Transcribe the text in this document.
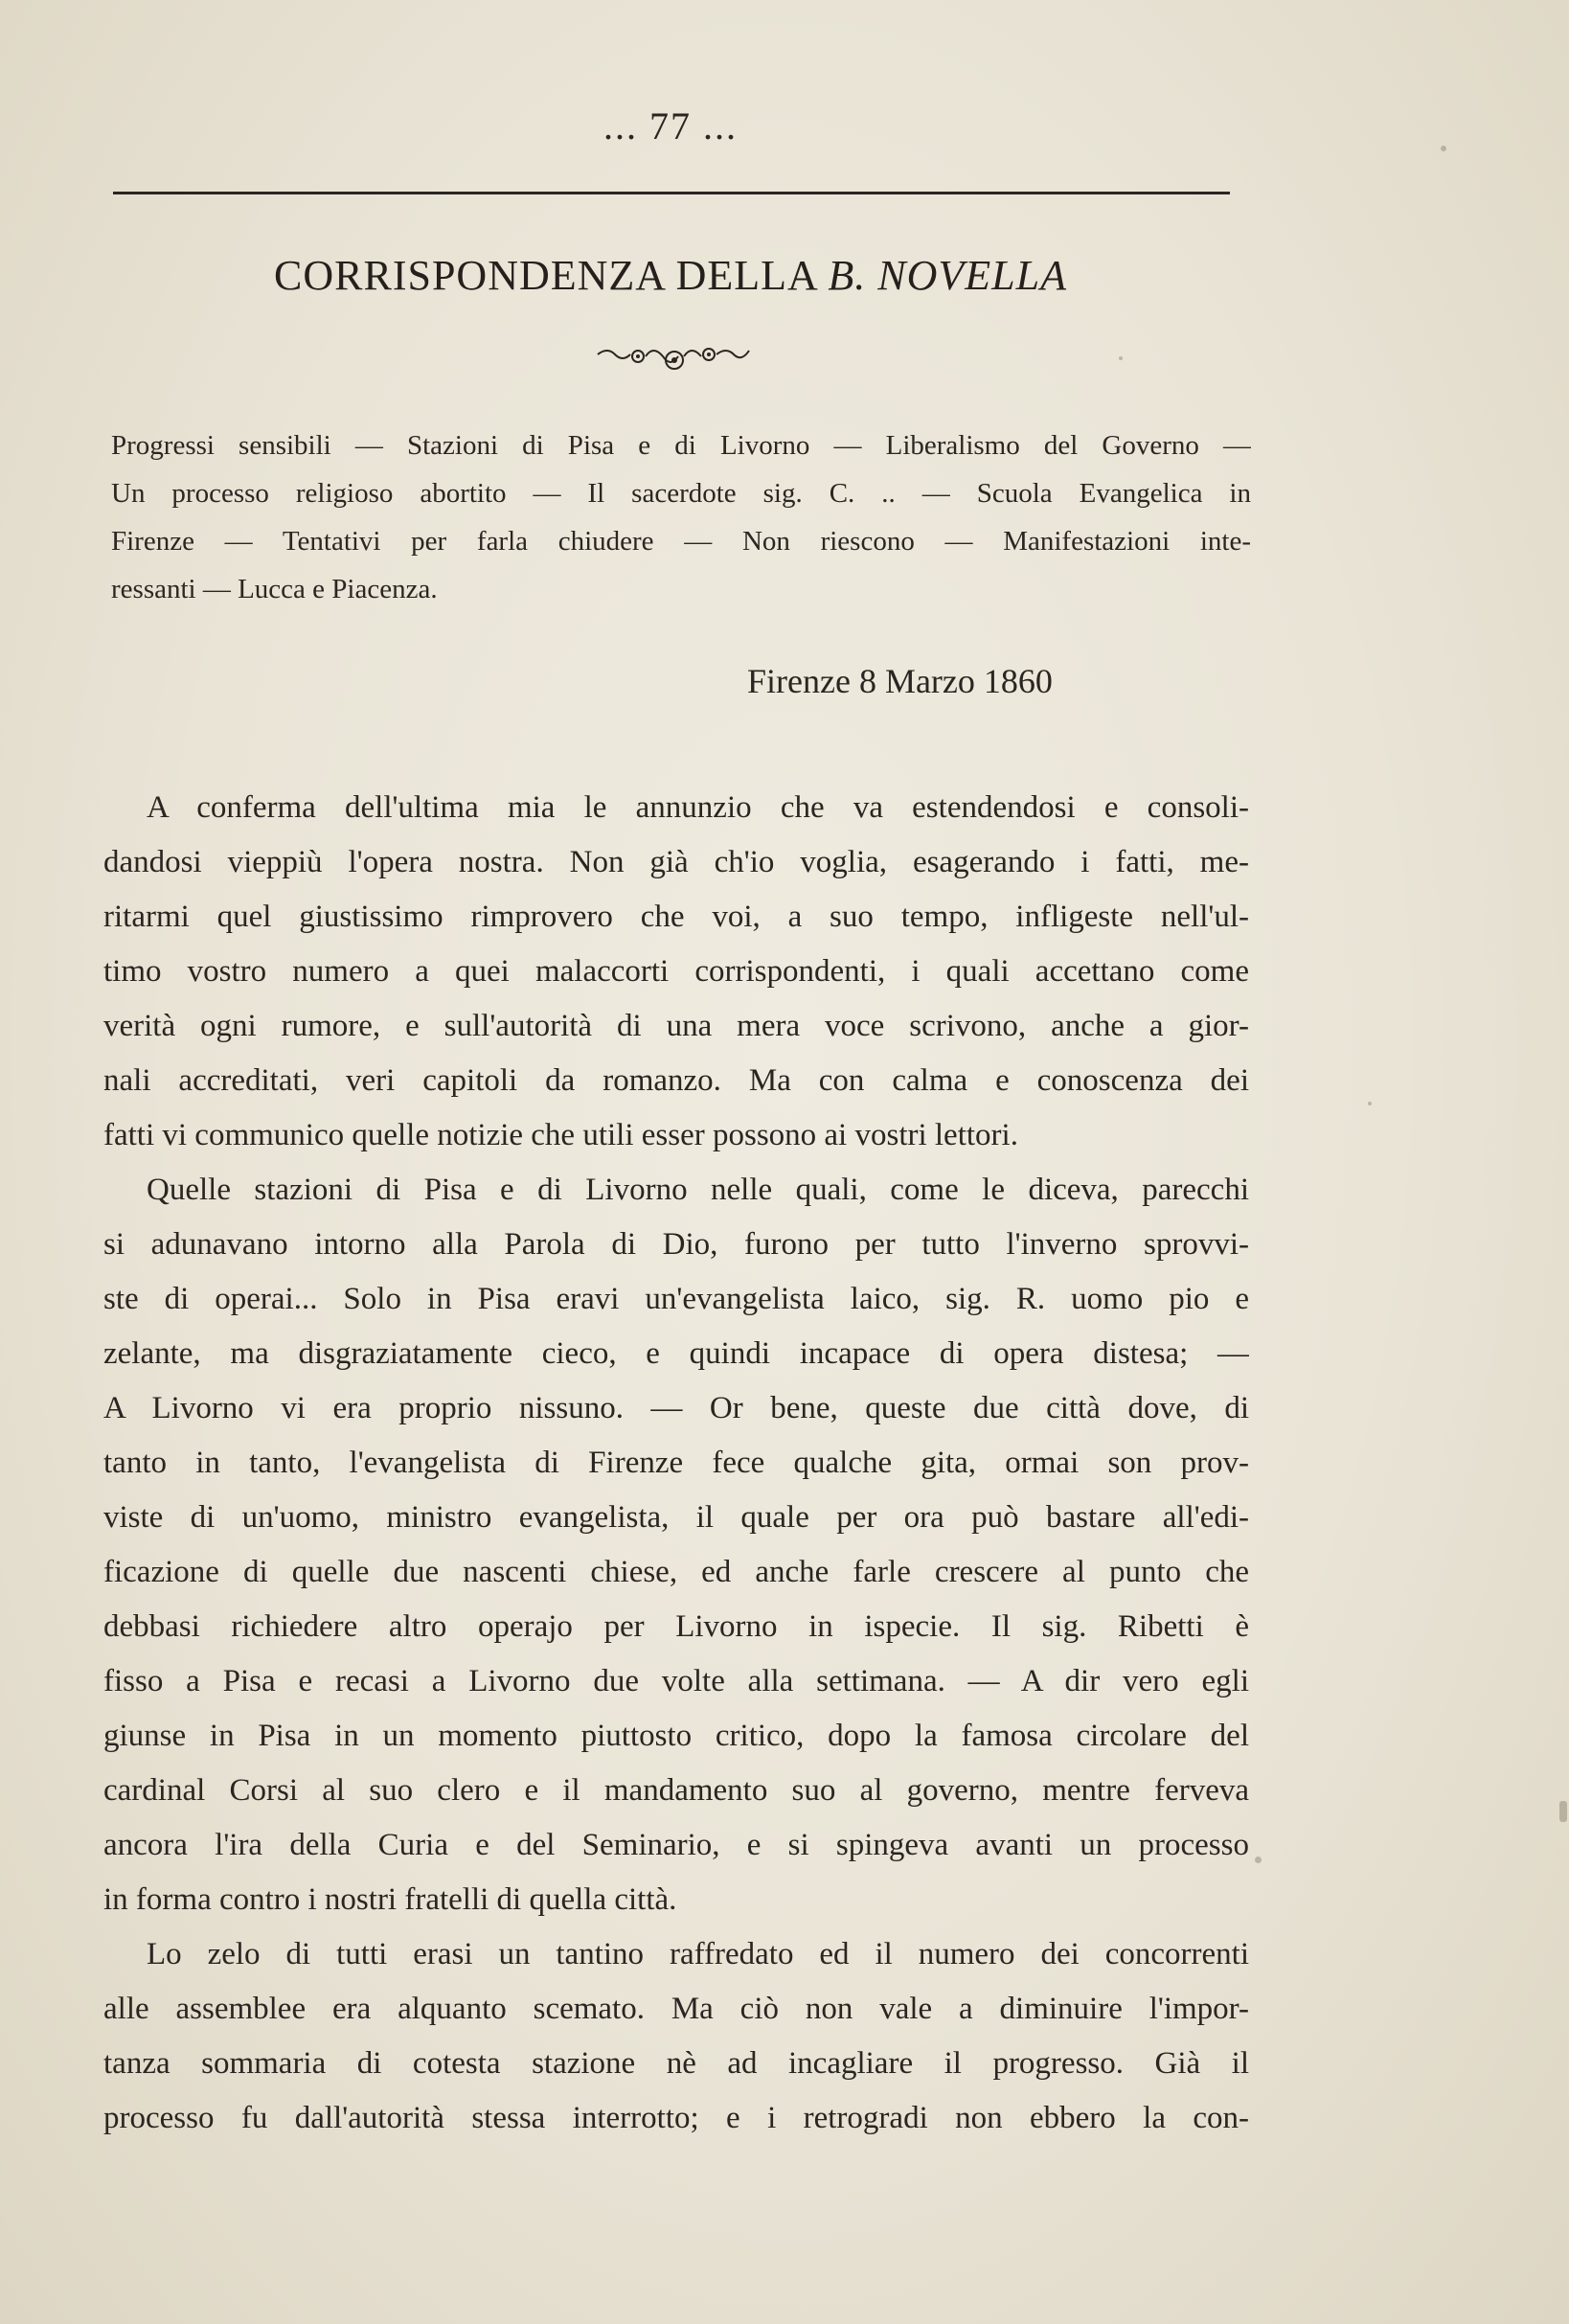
... 77 ...
CORRISPONDENZA DELLA B. NOVELLA
Progressi sensibili — Stazioni di Pisa e di Livorno — Liberalismo del Governo —
Un processo religioso abortito — Il sacerdote sig. C. .. — Scuola Evangelica in
Firenze — Tentativi per farla chiudere — Non riescono — Manifestazioni inte-
ressanti — Lucca e Piacenza.
Firenze 8 Marzo 1860
A conferma dell'ultima mia le annunzio che va estendendosi e consoli-
dandosi vieppiù l'opera nostra. Non già ch'io voglia, esagerando i fatti, me-
ritarmi quel giustissimo rimprovero che voi, a suo tempo, infligeste nell'ul-
timo vostro numero a quei malaccorti corrispondenti, i quali accettano come
verità ogni rumore, e sull'autorità di una mera voce scrivono, anche a gior-
nali accreditati, veri capitoli da romanzo. Ma con calma e conoscenza dei
fatti vi communico quelle notizie che utili esser possono ai vostri lettori.
Quelle stazioni di Pisa e di Livorno nelle quali, come le diceva, parecchi
si adunavano intorno alla Parola di Dio, furono per tutto l'inverno sprovvi-
ste di operai... Solo in Pisa eravi un'evangelista laico, sig. R. uomo pio e
zelante, ma disgraziatamente cieco, e quindi incapace di opera distesa; —
A Livorno vi era proprio nissuno. — Or bene, queste due città dove, di
tanto in tanto, l'evangelista di Firenze fece qualche gita, ormai son prov-
viste di un'uomo, ministro evangelista, il quale per ora può bastare all'edi-
ficazione di quelle due nascenti chiese, ed anche farle crescere al punto che
debbasi richiedere altro operajo per Livorno in ispecie. Il sig. Ribetti è
fisso a Pisa e recasi a Livorno due volte alla settimana. — A dir vero egli
giunse in Pisa in un momento piuttosto critico, dopo la famosa circolare del
cardinal Corsi al suo clero e il mandamento suo al governo, mentre ferveva
ancora l'ira della Curia e del Seminario, e si spingeva avanti un processo
in forma contro i nostri fratelli di quella città.
Lo zelo di tutti erasi un tantino raffredato ed il numero dei concorrenti
alle assemblee era alquanto scemato. Ma ciò non vale a diminuire l'impor-
tanza sommaria di cotesta stazione nè ad incagliare il progresso. Già il
processo fu dall'autorità stessa interrotto; e i retrogradi non ebbero la con-
